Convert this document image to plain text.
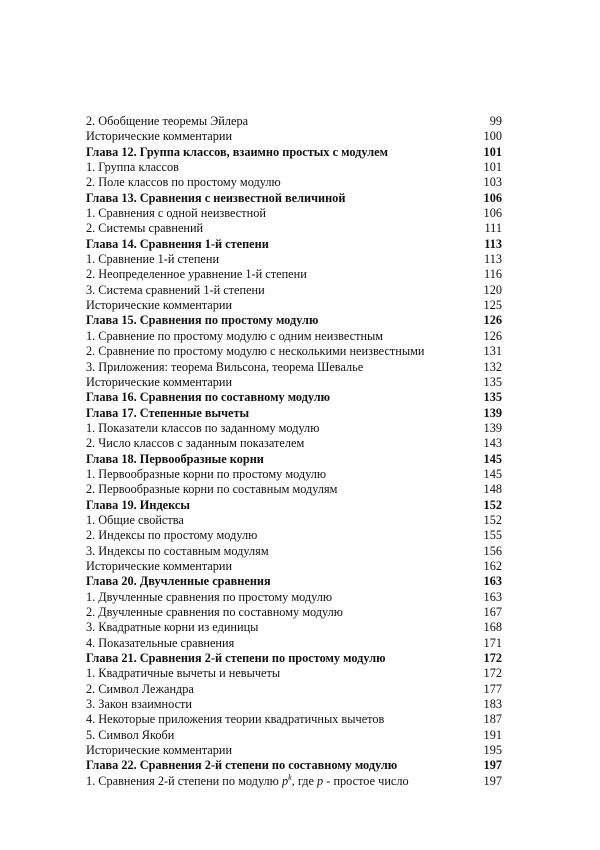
2. Обобщение теоремы Эйлера	99
Исторические комментарии	100
Глава 12. Группа классов, взаимно простых с модулем	101
1. Группа классов	101
2. Поле классов по простому модулю	103
Глава 13. Сравнения с неизвестной величиной	106
1. Сравнения с одной неизвестной	106
2. Системы сравнений	111
Глава 14. Сравнения 1-й степени	113
1. Сравнение 1-й степени	113
2. Неопределенное уравнение 1-й степени	116
3. Система сравнений 1-й степени	120
Исторические комментарии	125
Глава 15. Сравнения по простому модулю	126
1. Сравнение по простому модулю с одним неизвестным	126
2. Сравнение по простому модулю с несколькими неизвестными	131
3. Приложения: теорема Вильсона, теорема Шевалье	132
Исторические комментарии	135
Глава 16. Сравнения по составному модулю	135
Глава 17. Степенные вычеты	139
1. Показатели классов по заданному модулю	139
2. Число классов с заданным показателем	143
Глава 18. Первообразные корни	145
1. Первообразные корни по простому модулю	145
2. Первообразные корни по составным модулям	148
Глава 19. Индексы	152
1. Общие свойства	152
2. Индексы по простому модулю	155
3. Индексы по составным модулям	156
Исторические комментарии	162
Глава 20. Двучленные сравнения	163
1. Двучленные сравнения по простому модулю	163
2. Двучленные сравнения по составному модулю	167
3. Квадратные корни из единицы	168
4. Показательные сравнения	171
Глава 21. Сравнения 2-й степени по простому модулю	172
1. Квадратичные вычеты и невычеты	172
2. Символ Лежандра	177
3. Закон взаимности	183
4. Некоторые приложения теории квадратичных вычетов	187
5. Символ Якоби	191
Исторические комментарии	195
Глава 22. Сравнения 2-й степени по составному модулю	197
1. Сравнения 2-й степени по модулю $p^k$, где p - простое число	197
